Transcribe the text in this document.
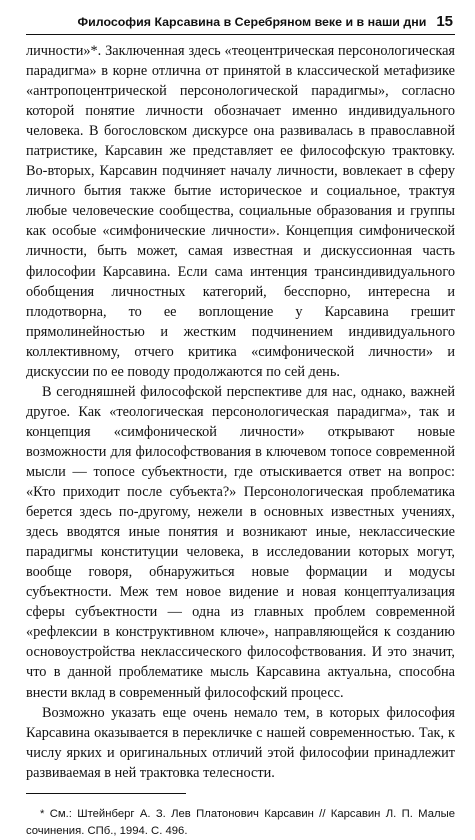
Философия Карсавина в Серебряном веке и в наши дни 15

личности»*. Заключенная здесь «теоцентрическая персонологическая парадигма» в корне отлична от принятой в классической метафизике «антропоцентрической персонологической парадигмы», согласно которой понятие личности обозначает именно индивидуального человека. В богословском дискурсе она развивалась в православной патристике, Карсавин же представляет ее философскую трактовку. Во-вторых, Карсавин подчиняет началу личности, вовлекает в сферу личного бытия также бытие историческое и социальное, трактуя любые человеческие сообщества, социальные образования и группы как особые «симфонические личности». Концепция симфонической личности, быть может, самая известная и дискуссионная часть философии Карсавина. Если сама интенция трансиндивидуального обобщения личностных категорий, бесспорно, интересна и плодотворна, то ее воплощение у Карсавина грешит прямолинейностью и жестким подчинением индивидуального коллективному, отчего критика «симфонической личности» и дискуссии по ее поводу продолжаются по сей день.

В сегодняшней философской перспективе для нас, однако, важней другое. Как «теологическая персонологическая парадигма», так и концепция «симфонической личности» открывают новые возможности для философствования в ключевом топосе современной мысли — топосе субъектности, где отыскивается ответ на вопрос: «Кто приходит после субъекта?» Персонологическая проблематика берется здесь по-другому, нежели в основных известных учениях, здесь вводятся иные понятия и возникают иные, неклассические парадигмы конституции человека, в исследовании которых могут, вообще говоря, обнаружиться новые формации и модусы субъектности. Меж тем новое видение и новая концептуализация сферы субъектности — одна из главных проблем современной «рефлексии в конструктивном ключе», направляющейся к созданию основоустройства неклассического философствования. И это значит, что в данной проблематике мысль Карсавина актуальна, способна внести вклад в современный философский процесс.

Возможно указать еще очень немало тем, в которых философия Карсавина оказывается в перекличке с нашей современностью. Так, к числу ярких и оригинальных отличий этой философии принадлежит развиваемая в ней трактовка телесности.

* См.: Штейнберг А. З. Лев Платонович Карсавин // Карсавин Л. П. Малые сочинения. СПб., 1994. С. 496.
